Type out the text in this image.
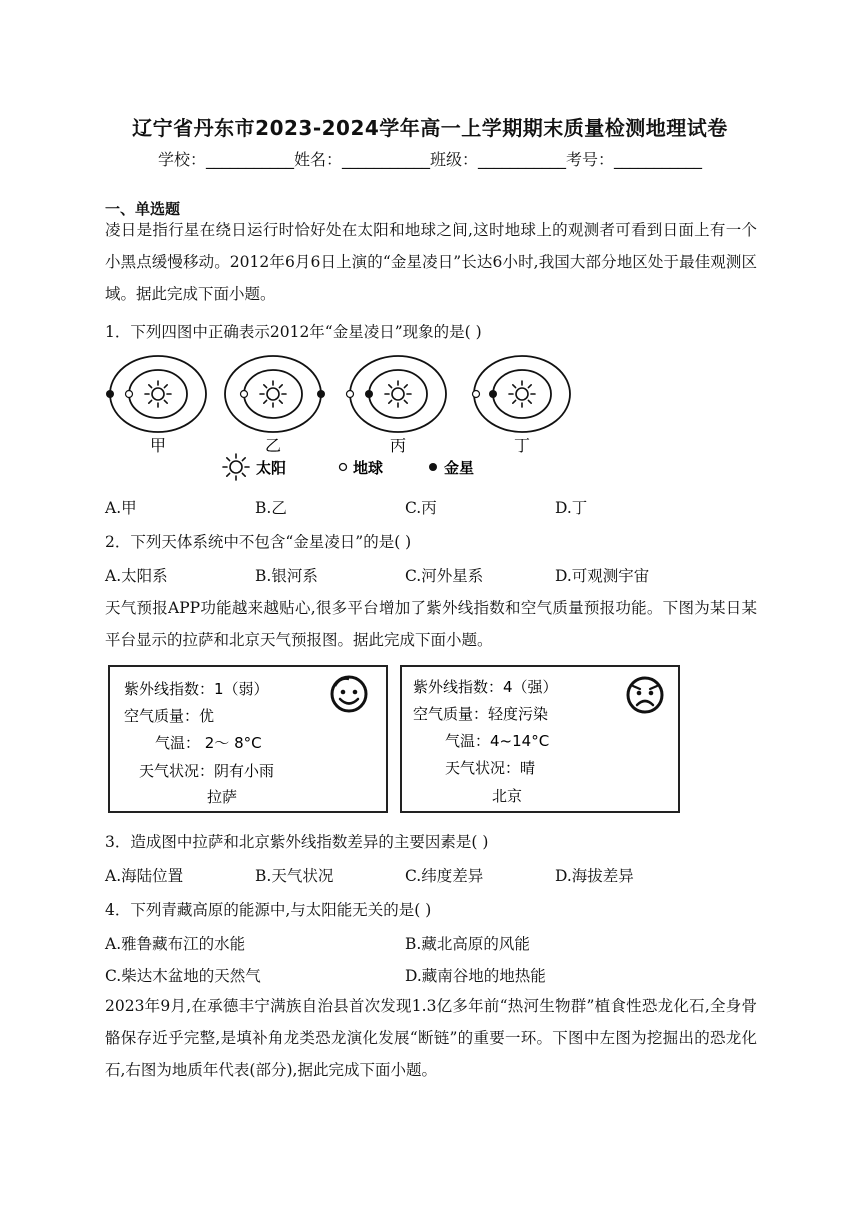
辽宁省丹东市2023-2024学年高一上学期期末质量检测地理试卷
学校：___________姓名：___________班级：___________考号：___________
一、单选题
凌日是指行星在绕日运行时恰好处在太阳和地球之间,这时地球上的观测者可看到日面上有一个小黑点缓慢移动。2012年6月6日上演的“金星凌日”长达6小时,我国大部分地区处于最佳观测区域。据此完成下面小题。
1．下列四图中正确表示2012年“金星凌日”现象的是( )
甲	乙	丙	丁
太阳	地球	金星
A.甲	B.乙	C.丙	D.丁
2．下列天体系统中不包含“金星凌日”的是( )
A.太阳系	B.银河系	C.河外星系	D.可观测宇宙
天气预报APP功能越来越贴心,很多平台增加了紫外线指数和空气质量预报功能。下图为某日某平台显示的拉萨和北京天气预报图。据此完成下面小题。
紫外线指数：1（弱）
空气质量：优
气温： 2～ 8°C
天气状况：阴有小雨
拉萨
紫外线指数：4（强）
空气质量：轻度污染
气温：4~14°C
天气状况：晴
北京
3．造成图中拉萨和北京紫外线指数差异的主要因素是( )
A.海陆位置	B.天气状况	C.纬度差异	D.海拔差异
4．下列青藏高原的能源中,与太阳能无关的是( )
A.雅鲁藏布江的水能	B.藏北高原的风能
C.柴达木盆地的天然气	D.藏南谷地的地热能
2023年9月,在承德丰宁满族自治县首次发现1.3亿多年前“热河生物群”植食性恐龙化石,全身骨骼保存近乎完整,是填补角龙类恐龙演化发展“断链”的重要一环。下图中左图为挖掘出的恐龙化石,右图为地质年代表(部分),据此完成下面小题。
